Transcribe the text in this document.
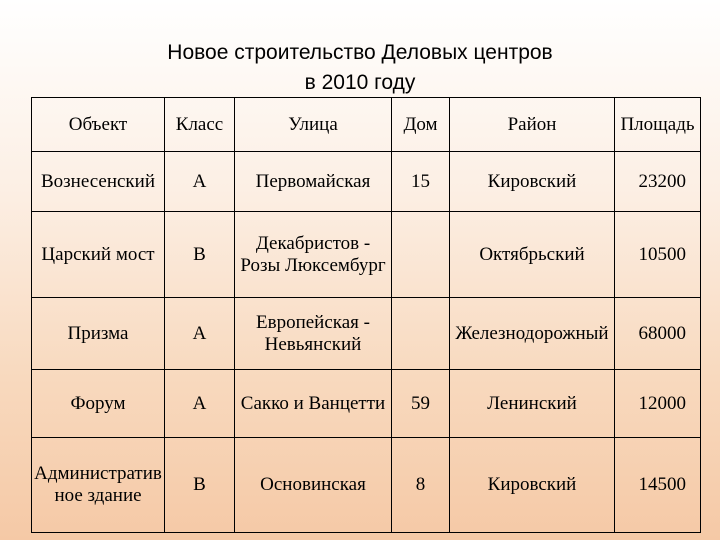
Новое строительство Деловых центров
в 2010 году
Объект	Класс	Улица	Дом	Район	Площадь
Вознесенский	А	Первомайская	15	Кировский	23200
Царский мост	В	Декабристов - Розы Люксембург		Октябрьский	10500
Призма	А	Европейская - Невьянский		Железнодорожный	68000
Форум	А	Сакко и Ванцетти	59	Ленинский	12000
Административное здание	В	Основинская	8	Кировский	14500
